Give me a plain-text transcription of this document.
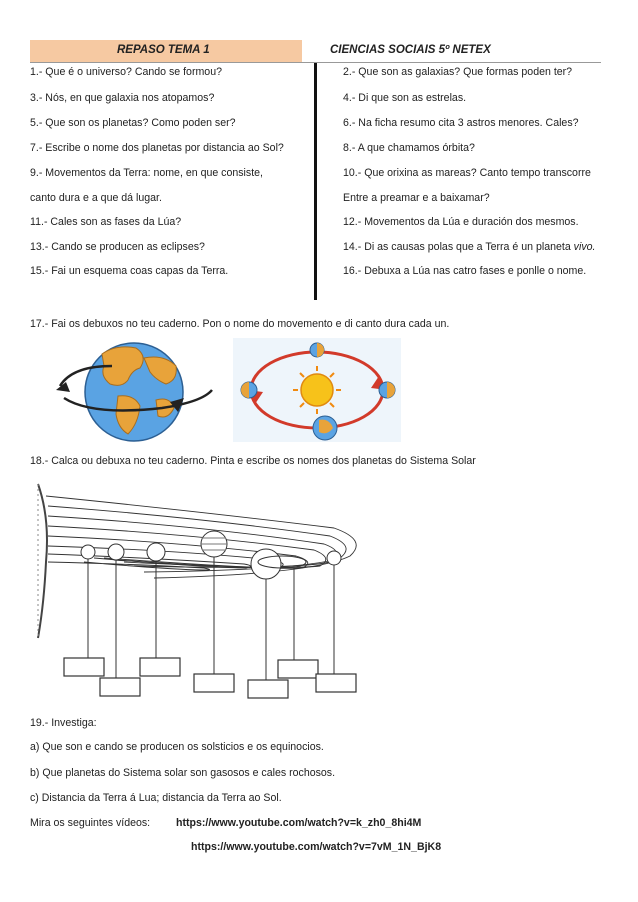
REPASO TEMA 1	CIENCIAS SOCIAIS 5º NETEX
1.- Que é o universo? Cando se formou?
3.- Nós, en que galaxia nos atopamos?
5.- Que son os planetas? Como poden ser?
7.- Escribe o nome dos planetas por distancia ao Sol?
9.- Movementos da Terra: nome, en que consiste,
canto dura e a que dá lugar.
11.- Cales son as fases da Lúa?
13.- Cando se producen as eclipses?
15.- Fai un esquema coas capas da Terra.
2.- Que son as galaxias? Que formas poden ter?
4.- Di que son as estrelas.
6.- Na ficha resumo cita 3 astros menores. Cales?
8.- A que chamamos órbita?
10.- Que orixina as mareas? Canto tempo transcorre
Entre a preamar e a baixamar?
12.- Movementos da Lúa e duración dos mesmos.
14.- Di as causas polas que a Terra é un planeta vivo.
16.- Debuxa a Lúa nas catro fases e ponlle o nome.
17.- Fai os debuxos no teu caderno. Pon o nome do movemento e di canto dura cada un.
18.- Calca ou debuxa no teu caderno. Pinta e escribe os nomes dos planetas do Sistema Solar
19.- Investiga:
a) Que son e cando se producen os solsticios e os equinocios.
b) Que planetas do Sistema solar son gasosos e cales rochosos.
c) Distancia da Terra á Lua; distancia da Terra ao Sol.
Mira os seguintes vídeos: https://www.youtube.com/watch?v=k_zh0_8hi4M
https://www.youtube.com/watch?v=7vM_1N_BjK8
